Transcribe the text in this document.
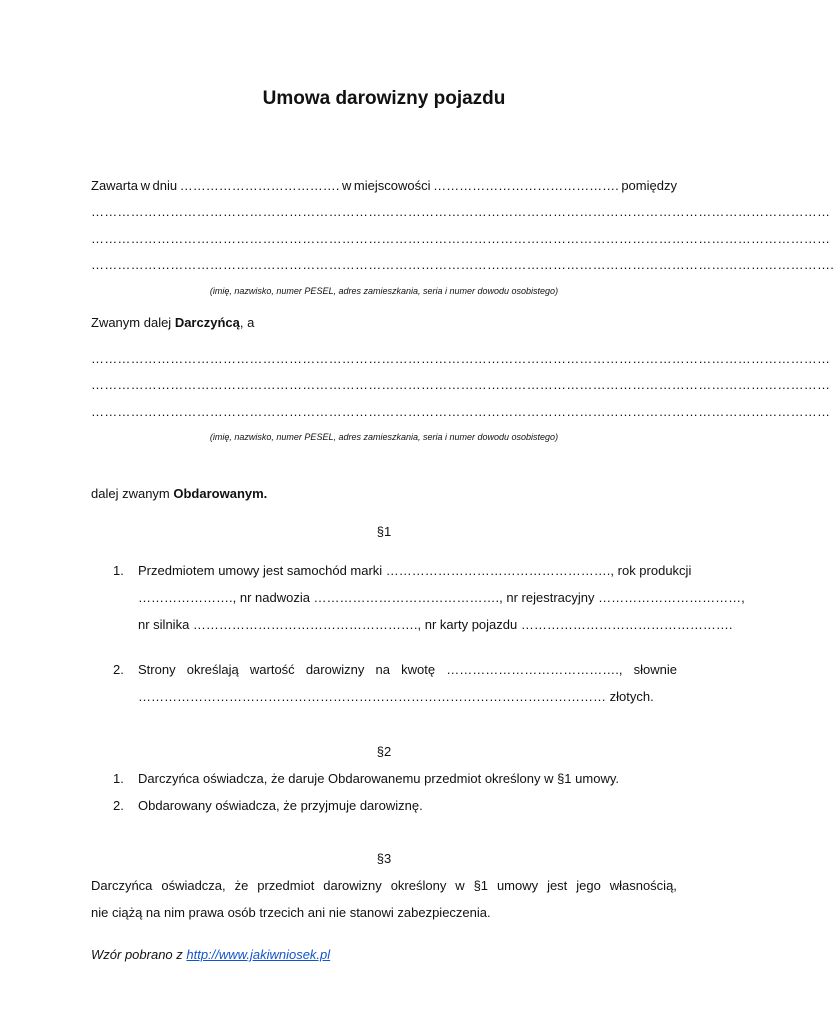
Umowa darowizny pojazdu
Zawarta w dniu ………………………………. w miejscowości ……………………………………. pomiędzy
……………………………………………………………………………………………………………………………………………………
……………………………………………………………………………………………………………………………………………………
…………………………………………………………………………………………………………………………………………………….
(imię, nazwisko, numer PESEL, adres zamieszkania, seria i numer dowodu osobistego)
Zwanym dalej Darczyńcą, a
……………………………………………………………………………………………………………………………………………………
……………………………………………………………………………………………………………………………………………………
……………………………………………………………………………………………………………………………………………………
(imię, nazwisko, numer PESEL, adres zamieszkania, seria i numer dowodu osobistego)
dalej zwanym Obdarowanym.
§1
1. Przedmiotem umowy jest samochód marki ……………………………………………., rok produkcji
…………………., nr nadwozia ……………………………………., nr rejestracyjny ……………………………,
nr silnika ……………………………………………., nr karty pojazdu ………………………………………….
2. Strony określają wartość darowizny na kwotę …………………………………., słownie
……………………………………………………………………………………………… złotych.
§2
1. Darczyńca oświadcza, że daruje Obdarowanemu przedmiot określony w §1 umowy.
2. Obdarowany oświadcza, że przyjmuje darowiznę.
§3
Darczyńca oświadcza, że przedmiot darowizny określony w §1 umowy jest jego własnością,
nie ciążą na nim prawa osób trzecich ani nie stanowi zabezpieczenia.
Wzór pobrano z http://www.jakiwniosek.pl
